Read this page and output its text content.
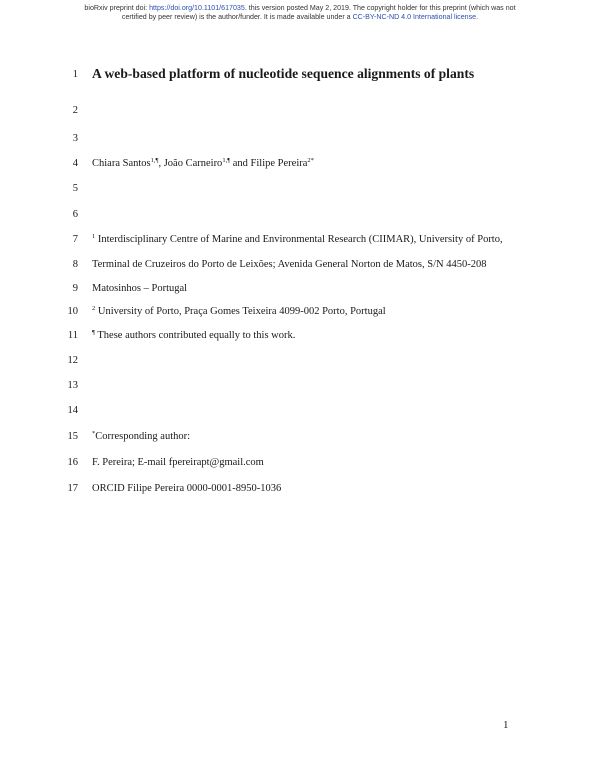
bioRxiv preprint doi: https://doi.org/10.1101/617035. this version posted May 2, 2019. The copyright holder for this preprint (which was not
certified by peer review) is the author/funder. It is made available under a CC-BY-NC-ND 4.0 International license.
1
2
3
4
5
6
7
8
9
10
11
12
13
14
15
16
17
A web-based platform of nucleotide sequence alignments of plants
Chiara Santos$^{1,\P}$, João Carneiro$^{1,\P}$ and Filipe Pereira$^{2*}$
$^1$ Interdisciplinary Centre of Marine and Environmental Research (CIIMAR), University of Porto,
Terminal de Cruzeiros do Porto de Leixões; Avenida General Norton de Matos, S/N 4450-208
Matosinhos – Portugal
$^2$ University of Porto, Praça Gomes Teixeira 4099-002 Porto, Portugal
¶ These authors contributed equally to this work.
*Corresponding author:
F. Pereira; E-mail fpereirapt@gmail.com
ORCID Filipe Pereira 0000-0001-8950-1036
1
